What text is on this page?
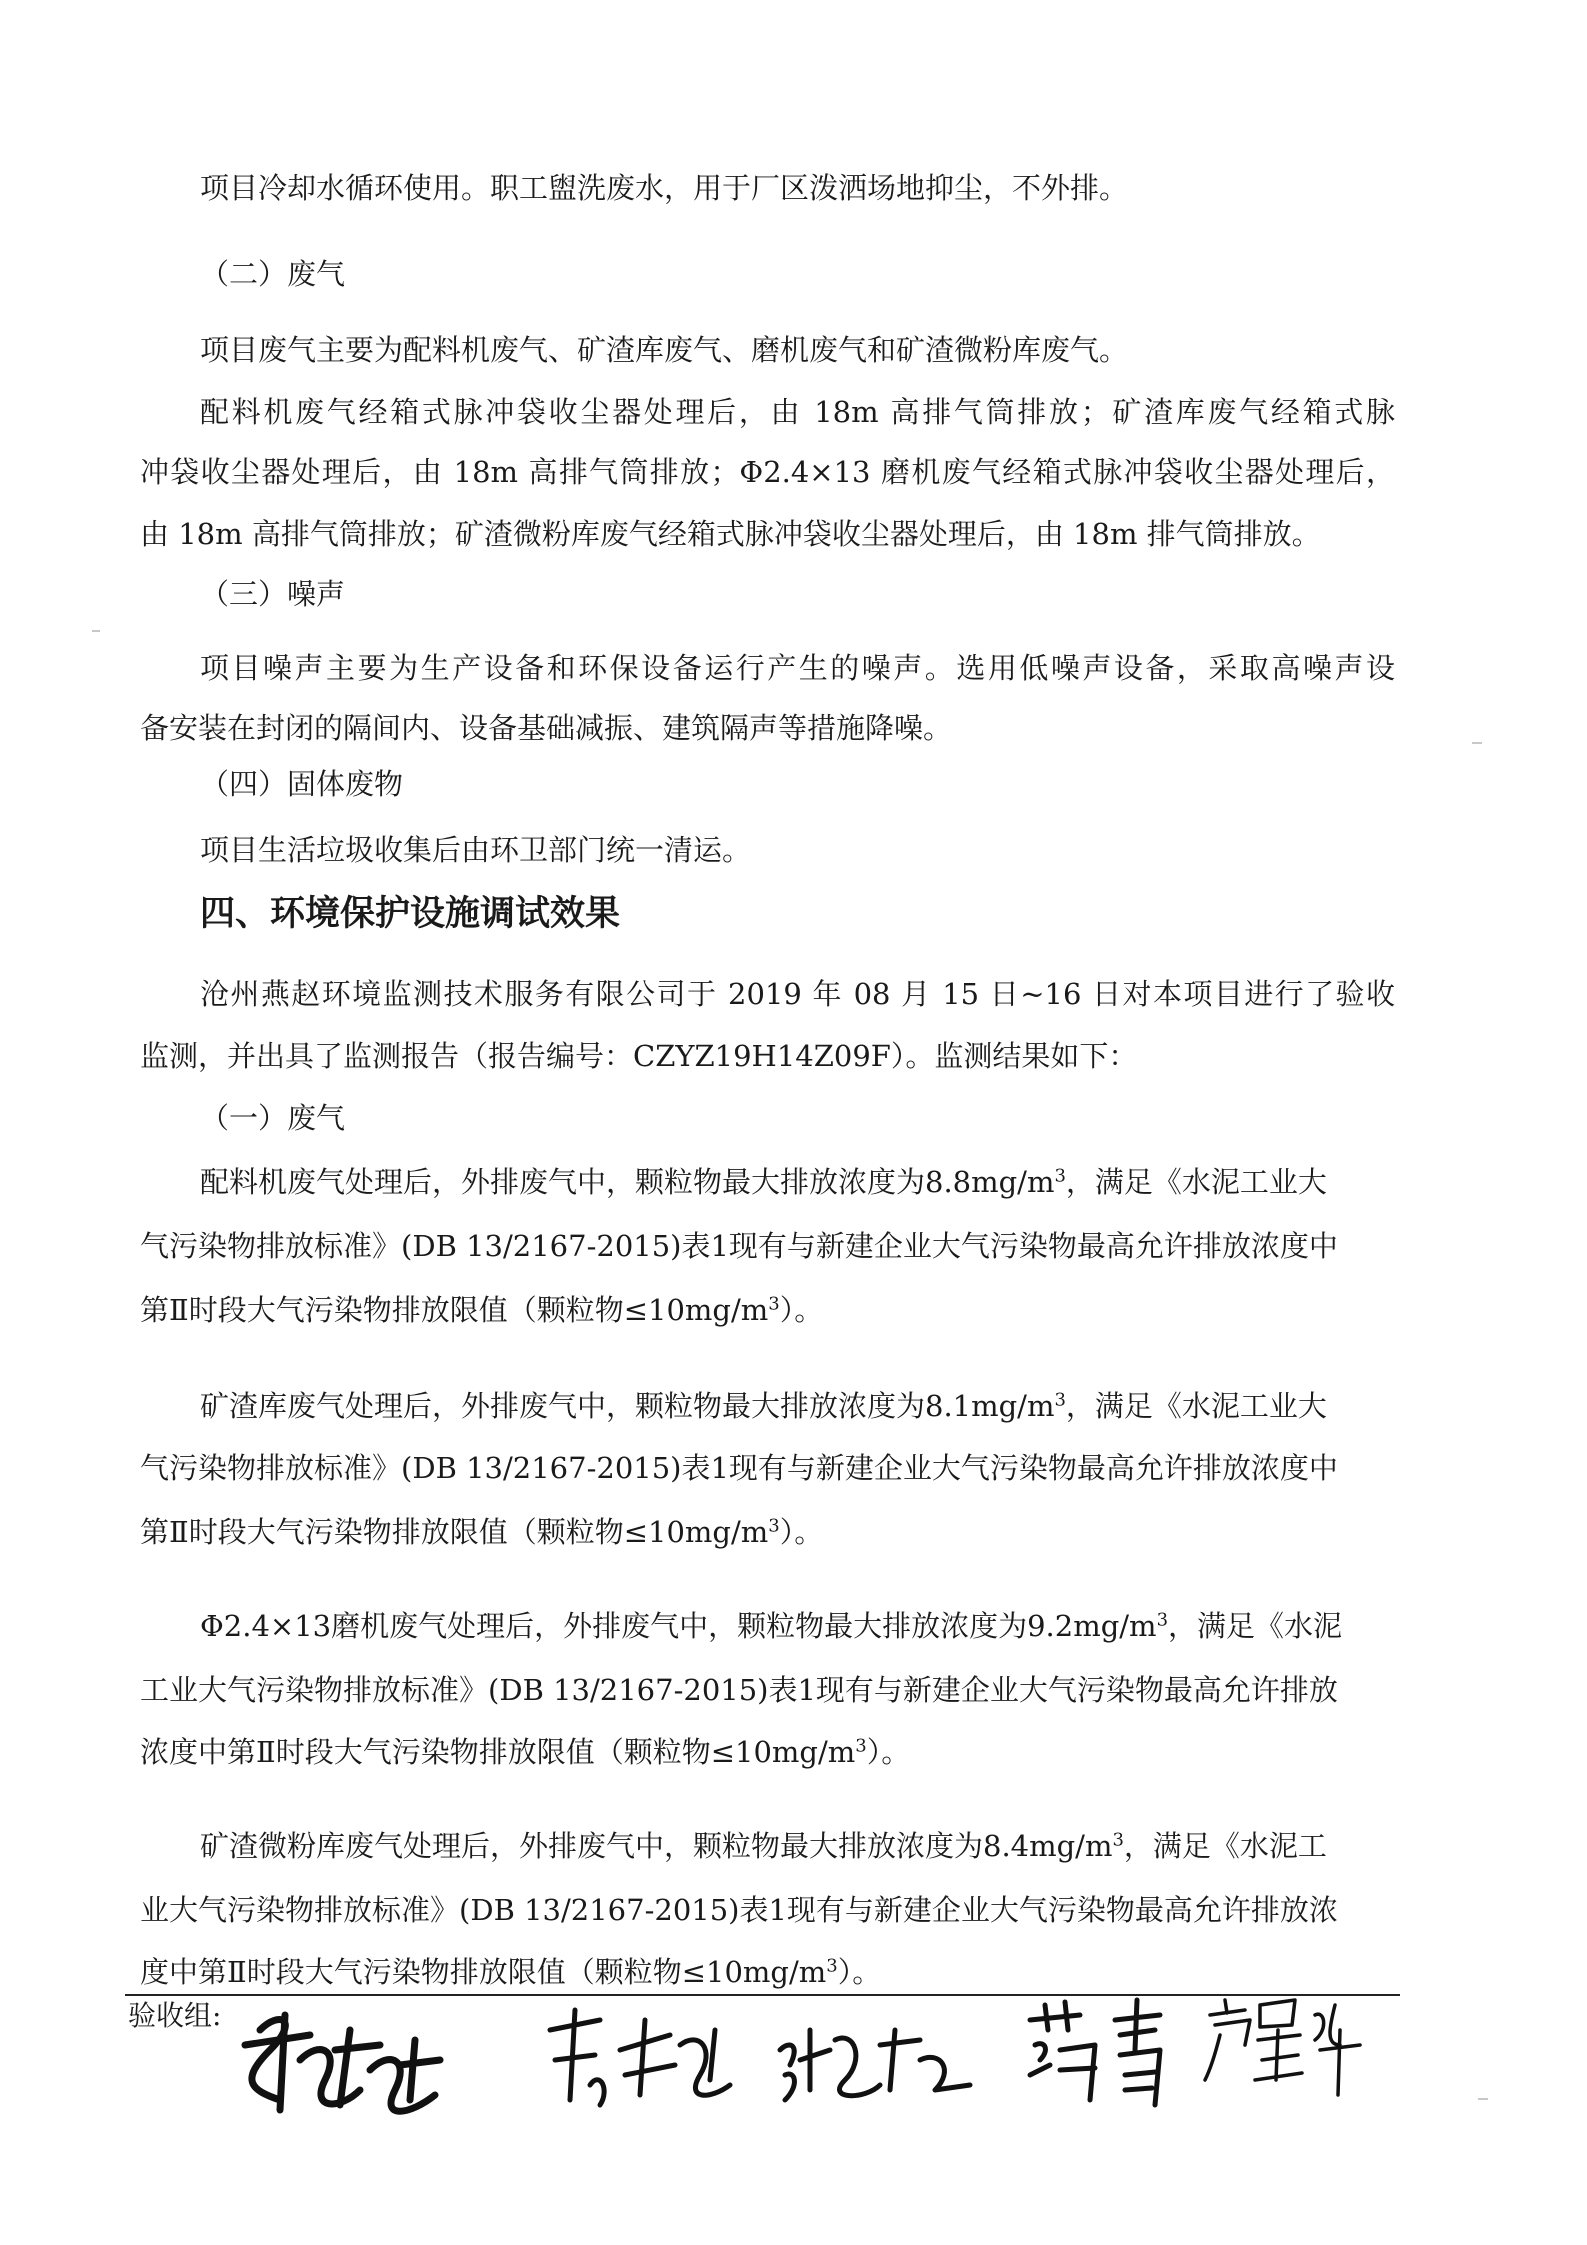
项目冷却水循环使用。职工盥洗废水，用于厂区泼洒场地抑尘，不外排。
（二）废气
项目废气主要为配料机废气、矿渣库废气、磨机废气和矿渣微粉库废气。
配料机废气经箱式脉冲袋收尘器处理后，由 18m 高排气筒排放；矿渣库废气经箱式脉
冲袋收尘器处理后，由 18m 高排气筒排放；Φ2.4×13 磨机废气经箱式脉冲袋收尘器处理后，
由 18m 高排气筒排放；矿渣微粉库废气经箱式脉冲袋收尘器处理后，由 18m 排气筒排放。
（三）噪声
项目噪声主要为生产设备和环保设备运行产生的噪声。选用低噪声设备，采取高噪声设
备安装在封闭的隔间内、设备基础减振、建筑隔声等措施降噪。
（四）固体废物
项目生活垃圾收集后由环卫部门统一清运。
四、环境保护设施调试效果
沧州燕赵环境监测技术服务有限公司于 2019 年 08 月 15 日~16 日对本项目进行了验收
监测，并出具了监测报告（报告编号：CZYZ19H14Z09F）。监测结果如下：
（一）废气
配料机废气处理后，外排废气中，颗粒物最大排放浓度为$8.8mg/m^3$，满足《水泥工业大
气污染物排放标准》(DB 13/2167-2015)表1现有与新建企业大气污染物最高允许排放浓度中
第Ⅱ时段大气污染物排放限值（颗粒物$\le 10mg/m^3$）。
矿渣库废气处理后，外排废气中，颗粒物最大排放浓度为$8.1mg/m^3$，满足《水泥工业大
气污染物排放标准》(DB 13/2167-2015)表1现有与新建企业大气污染物最高允许排放浓度中
第Ⅱ时段大气污染物排放限值（颗粒物$\le 10mg/m^3$）。
Φ2.4×13磨机废气处理后，外排废气中，颗粒物最大排放浓度为$9.2mg/m^3$，满足《水泥
工业大气污染物排放标准》(DB 13/2167-2015)表1现有与新建企业大气污染物最高允许排放
浓度中第Ⅱ时段大气污染物排放限值（颗粒物$\le 10mg/m^3$）。
矿渣微粉库废气处理后，外排废气中，颗粒物最大排放浓度为$8.4mg/m^3$，满足《水泥工
业大气污染物排放标准》(DB 13/2167-2015)表1现有与新建企业大气污染物最高允许排放浓
度中第Ⅱ时段大气污染物排放限值（颗粒物$\le 10mg/m^3$）。
验收组:
